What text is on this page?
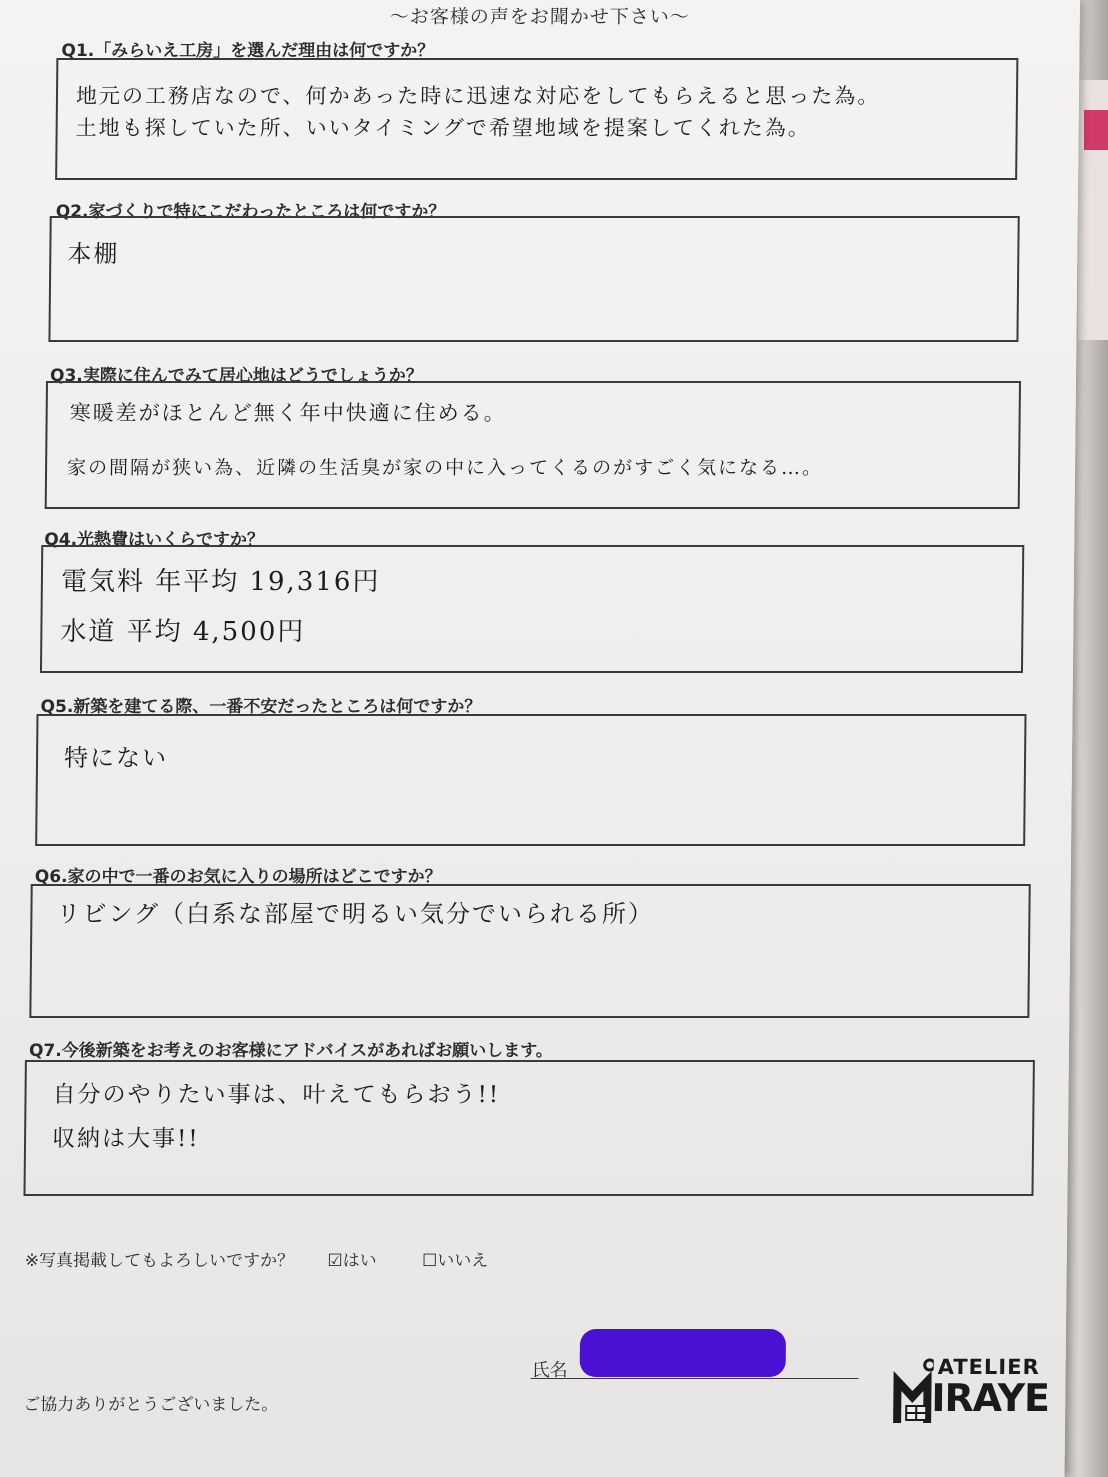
〜お客様の声をお聞かせ下さい〜
Q1.「みらいえ工房」を選んだ理由は何ですか？
地元の工務店なので、何かあった時に迅速な対応をしてもらえると思った為。
土地も探していた所、いいタイミングで希望地域を提案してくれた為。
Q2.家づくりで特にこだわったところは何ですか？
本棚
Q3.実際に住んでみて居心地はどうでしょうか？
寒暖差がほとんど無く年中快適に住める。
家の間隔が狭い為、近隣の生活臭が家の中に入ってくるのがすごく気になる…。
Q4.光熱費はいくらですか？
電気料 年平均 19,316円
水道 平均 4,500円
Q5.新築を建てる際、一番不安だったところは何ですか？
特にない
Q6.家の中で一番のお気に入りの場所はどこですか？
リビング（白系な部屋で明るい気分でいられる所）
Q7.今後新築をお考えのお客様にアドバイスがあればお願いします。
自分のやりたい事は、叶えてもらおう!!
収納は大事!!
※写真掲載してもよろしいですか？ ☑はい	☐いいえ
氏名
ご協力ありがとうございました。
ATELIER
IRAYE
